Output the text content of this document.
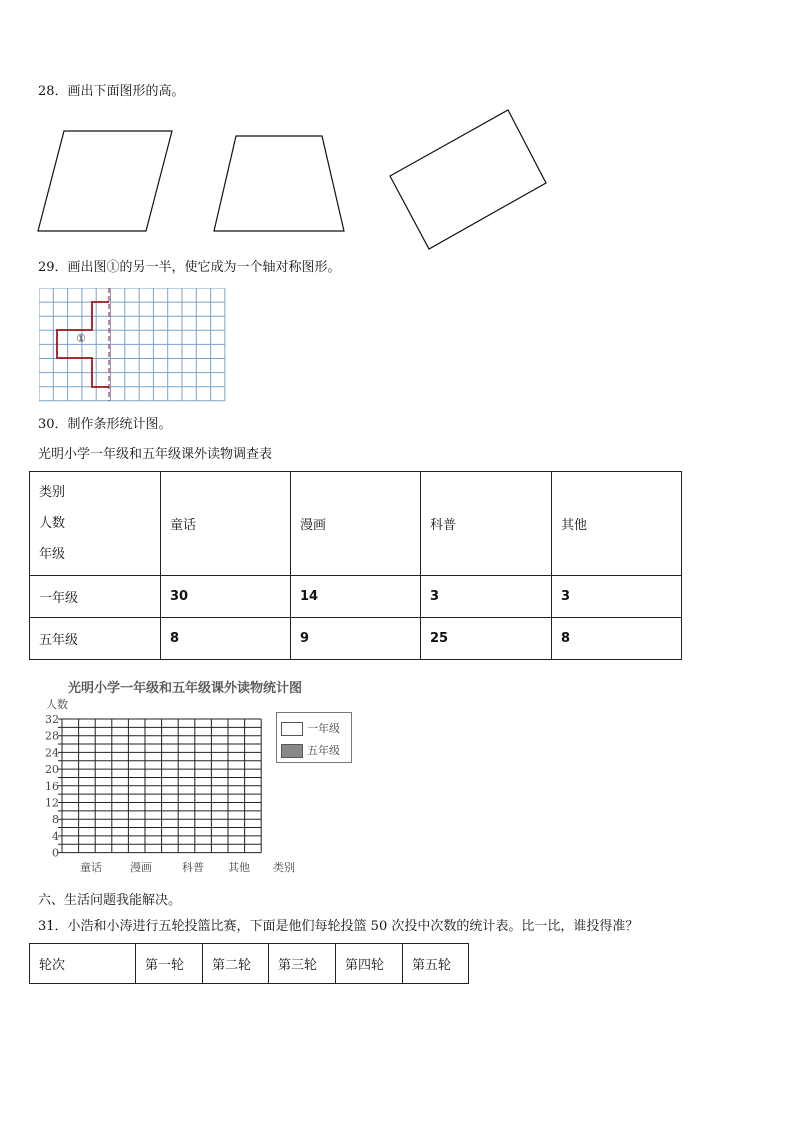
28．画出下面图形的高。
29．画出图①的另一半，使它成为一个轴对称图形。
①
30．制作条形统计图。
光明小学一年级和五年级课外读物调查表
类别
人数
年级	童话	漫画	科普	其他
一年级	30	14	3	3
五年级	8	9	25	8
光明小学一年级和五年级课外读物统计图
人数
32
28
24
20
16
12
8
4
0
童话	漫画	科普 其他 类别
一年级
五年级
六、生活问题我能解决。
31．小浩和小涛进行五轮投篮比赛，下面是他们每轮投篮 50 次投中次数的统计表。比一比，谁投得准？
轮次	第一轮	第二轮	第三轮	第四轮	第五轮
